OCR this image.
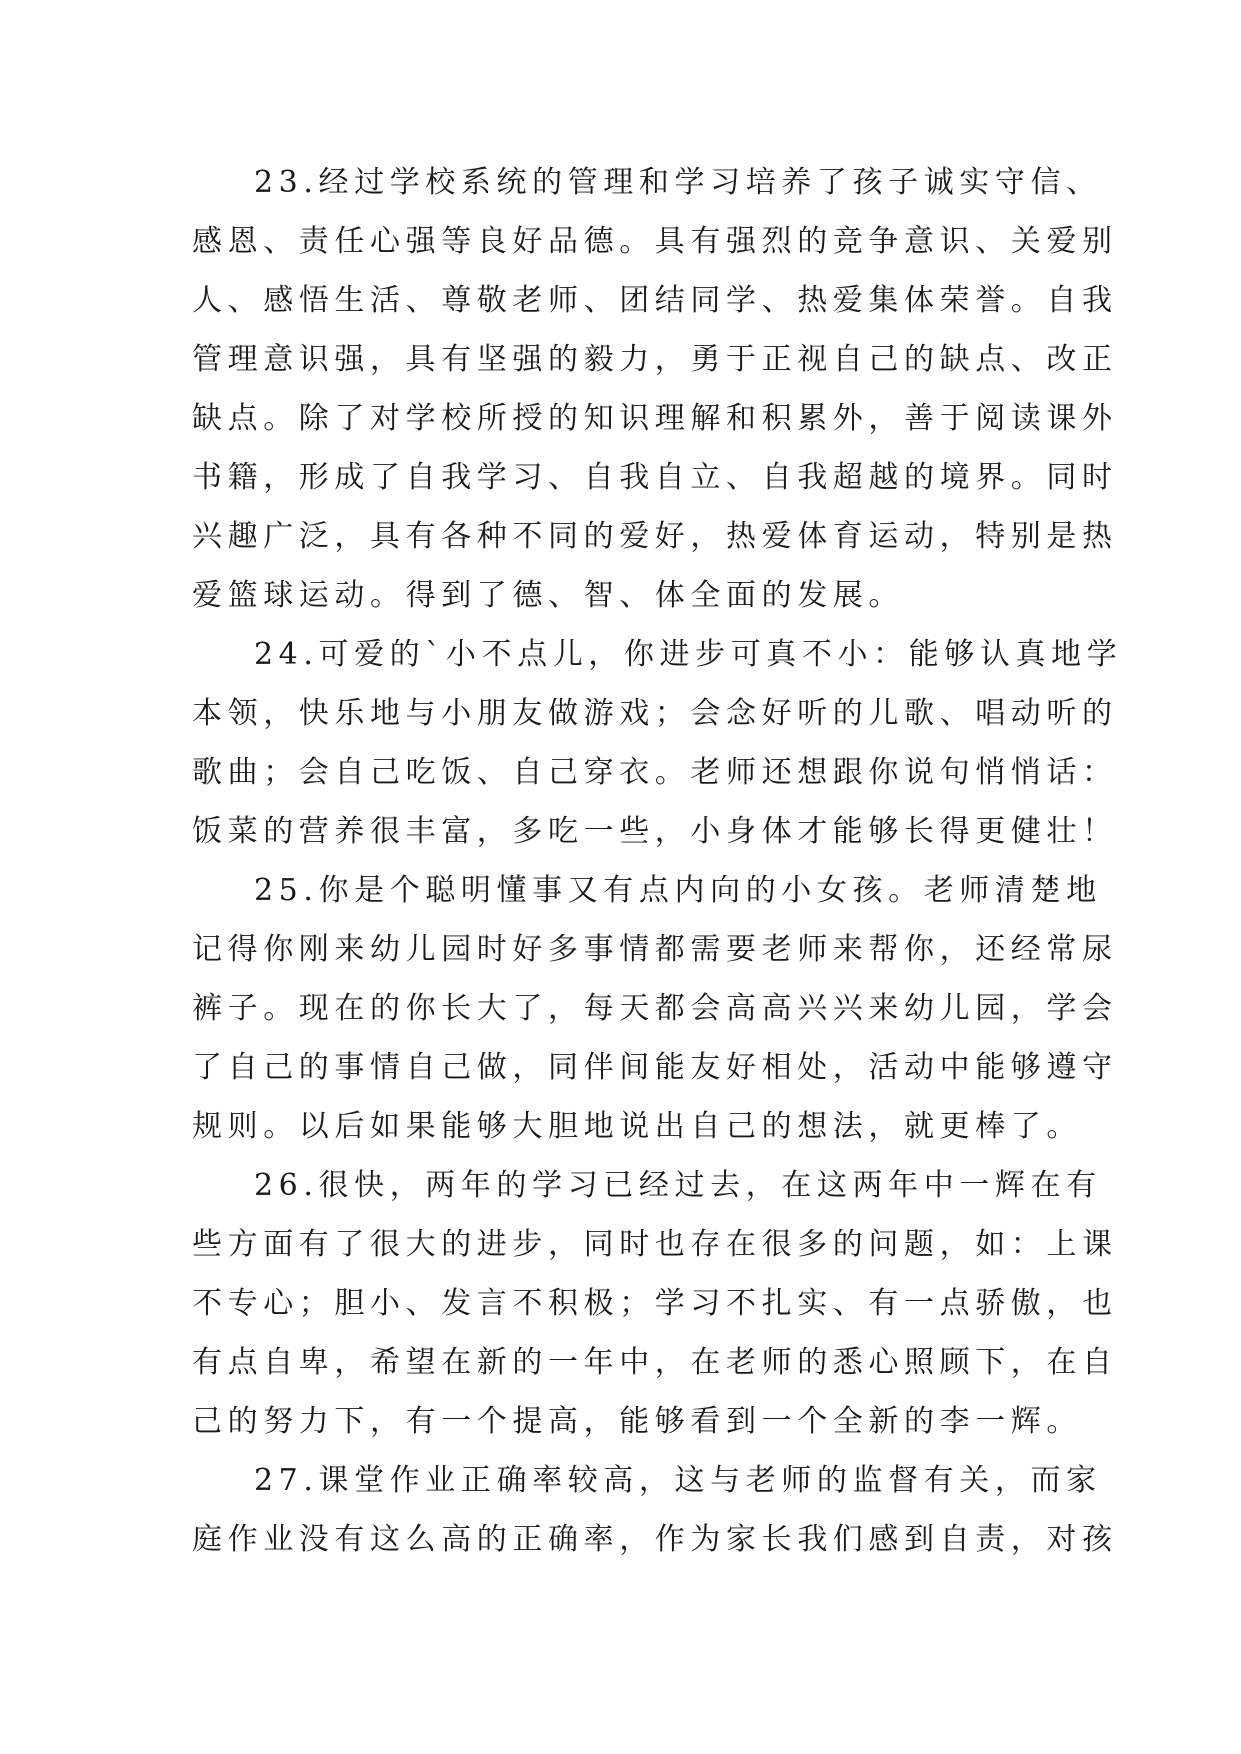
23.经过学校系统的管理和学习培养了孩子诚实守信、
感恩、责任心强等良好品德。具有强烈的竞争意识、关爱别
人、感悟生活、尊敬老师、团结同学、热爱集体荣誉。自我
管理意识强，具有坚强的毅力，勇于正视自己的缺点、改正
缺点。除了对学校所授的知识理解和积累外，善于阅读课外
书籍，形成了自我学习、自我自立、自我超越的境界。同时
兴趣广泛，具有各种不同的爱好，热爱体育运动，特别是热
爱篮球运动。得到了德、智、体全面的发展。
24.可爱的`小不点儿，你进步可真不小：能够认真地学
本领，快乐地与小朋友做游戏；会念好听的儿歌、唱动听的
歌曲；会自己吃饭、自己穿衣。老师还想跟你说句悄悄话：
饭菜的营养很丰富，多吃一些，小身体才能够长得更健壮！
25.你是个聪明懂事又有点内向的小女孩。老师清楚地
记得你刚来幼儿园时好多事情都需要老师来帮你，还经常尿
裤子。现在的你长大了，每天都会高高兴兴来幼儿园，学会
了自己的事情自己做，同伴间能友好相处，活动中能够遵守
规则。以后如果能够大胆地说出自己的想法，就更棒了。
26.很快，两年的学习已经过去，在这两年中一辉在有
些方面有了很大的进步，同时也存在很多的问题，如：上课
不专心；胆小、发言不积极；学习不扎实、有一点骄傲，也
有点自卑，希望在新的一年中，在老师的悉心照顾下，在自
己的努力下，有一个提高，能够看到一个全新的李一辉。
27.课堂作业正确率较高，这与老师的监督有关，而家
庭作业没有这么高的正确率，作为家长我们感到自责，对孩
